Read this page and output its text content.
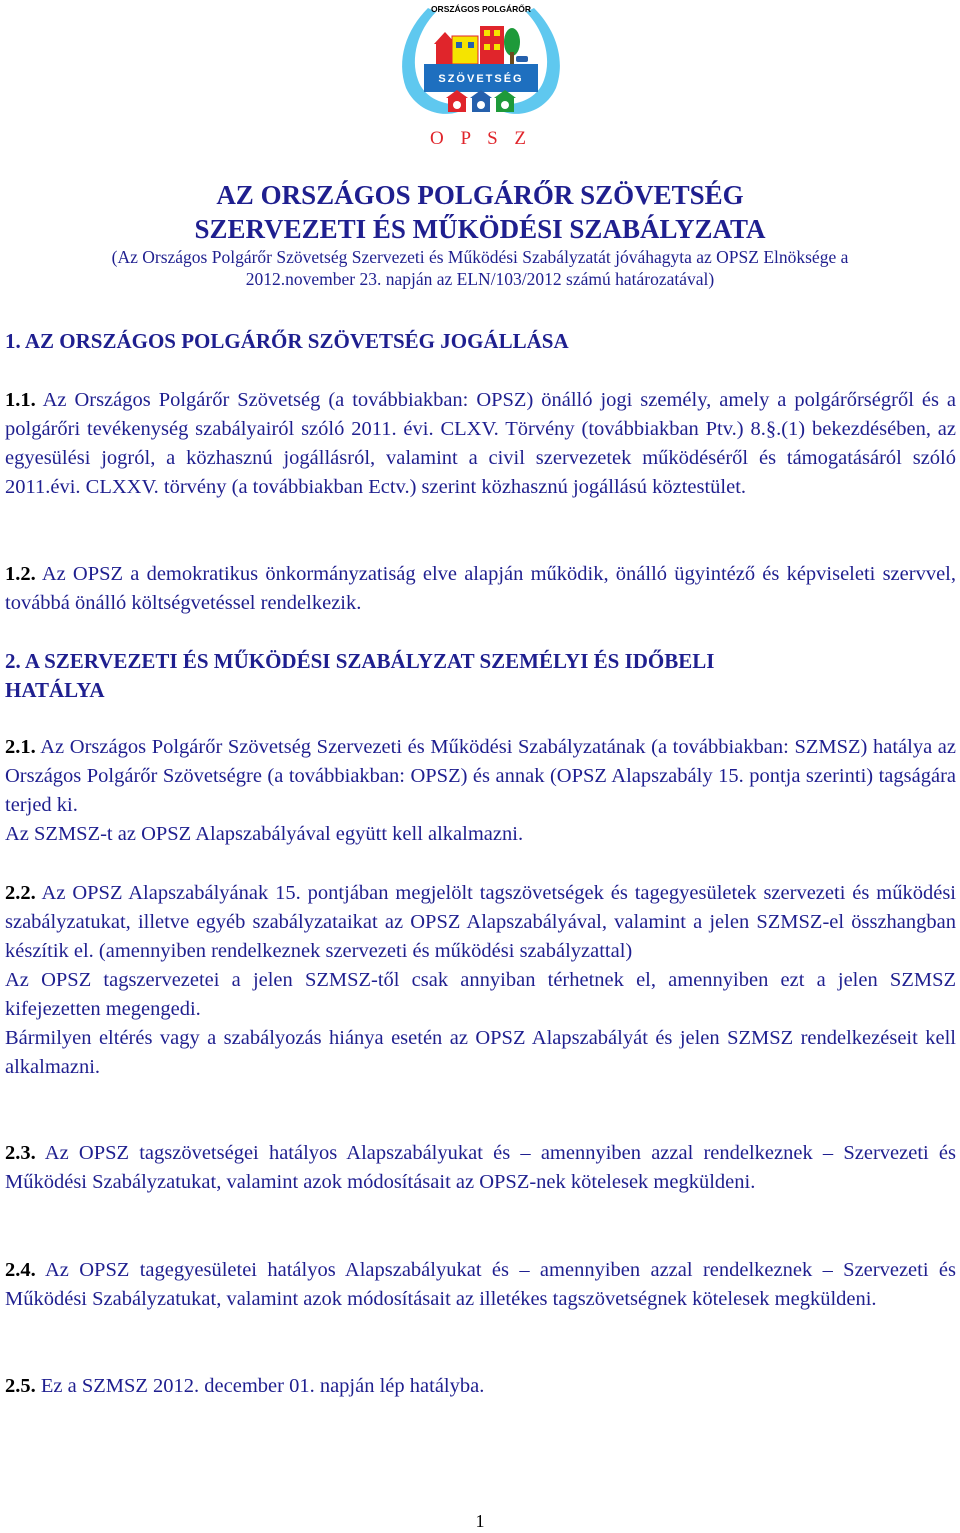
ORSZÁGOS POLGÁRŐR
SZÖVETSÉG
O P S Z
AZ ORSZÁGOS POLGÁRŐR SZÖVETSÉG
SZERVEZETI ÉS MŰKÖDÉSI SZABÁLYZATA
(Az Országos Polgárőr Szövetség Szervezeti és Működési Szabályzatát jóváhagyta az OPSZ Elnöksége a
2012.november 23. napján az ELN/103/2012 számú határozatával)
1. AZ ORSZÁGOS POLGÁRŐR SZÖVETSÉG JOGÁLLÁSA

1.1. Az Országos Polgárőr Szövetség (a továbbiakban: OPSZ) önálló jogi személy, amely a polgárőrségről és a polgárőri tevékenység szabályairól szóló 2011. évi. CLXV. Törvény (továbbiakban Ptv.) 8.§.(1) bekezdésében, az egyesülési jogról, a közhasznú jogállásról, valamint a civil szervezetek működéséről és támogatásáról szóló 2011.évi. CLXXV. törvény (a továbbiakban Ectv.) szerint közhasznú jogállású köztestület.

1.2. Az OPSZ a demokratikus önkormányzatiság elve alapján működik, önálló ügyintéző és képviseleti szervvel, továbbá önálló költségvetéssel rendelkezik.

2. A SZERVEZETI ÉS MŰKÖDÉSI SZABÁLYZAT SZEMÉLYI ÉS IDŐBELI
HATÁLYA

2.1. Az Országos Polgárőr Szövetség Szervezeti és Működési Szabályzatának (a továbbiakban: SZMSZ) hatálya az Országos Polgárőr Szövetségre (a továbbiakban: OPSZ) és annak (OPSZ Alapszabály 15. pontja szerinti) tagságára terjed ki.

Az SZMSZ-t az OPSZ Alapszabályával együtt kell alkalmazni.

2.2. Az OPSZ Alapszabályának 15. pontjában megjelölt tagszövetségek és tagegyesületek szervezeti és működési szabályzatukat, illetve egyéb szabályzataikat az OPSZ Alapszabályával, valamint a jelen SZMSZ-el összhangban készítik el. (amennyiben rendelkeznek szervezeti és működési szabályzattal)

Az OPSZ tagszervezetei a jelen SZMSZ-től csak annyiban térhetnek el, amennyiben ezt a jelen SZMSZ kifejezetten megengedi.

Bármilyen eltérés vagy a szabályozás hiánya esetén az OPSZ Alapszabályát és jelen SZMSZ rendelkezéseit kell alkalmazni.

2.3. Az OPSZ tagszövetségei hatályos Alapszabályukat és – amennyiben azzal rendelkeznek – Szervezeti és Működési Szabályzatukat, valamint azok módosításait az OPSZ-nek kötelesek megküldeni.

2.4. Az OPSZ tagegyesületei hatályos Alapszabályukat és – amennyiben azzal rendelkeznek – Szervezeti és Működési Szabályzatukat, valamint azok módosításait az illetékes tagszövetségnek kötelesek megküldeni.

2.5. Ez a SZMSZ 2012. december 01. napján lép hatályba.

1
